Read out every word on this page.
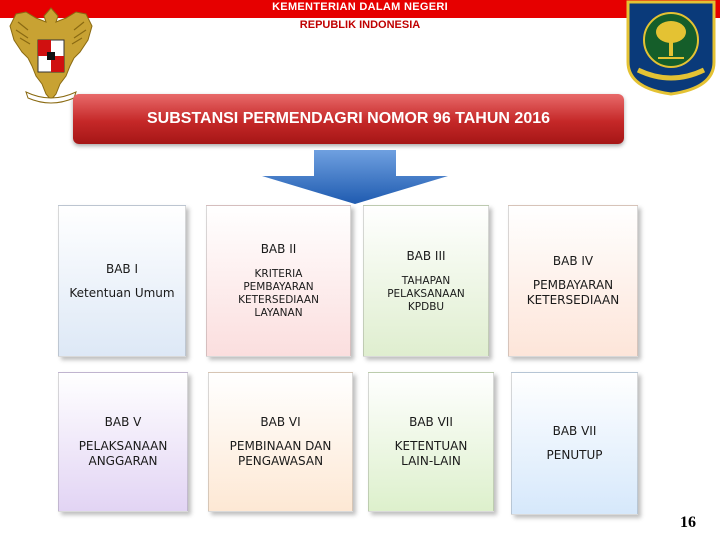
KEMENTERIAN DALAM NEGERI
REPUBLIK INDONESIA
SUBSTANSI PERMENDAGRI NOMOR 96 TAHUN 2016
BAB I
Ketentuan Umum
BAB II
KRITERIA PEMBAYARAN KETERSEDIAAN LAYANAN
BAB III
TAHAPAN PELAKSANAAN KPDBU
BAB IV
PEMBAYARAN KETERSEDIAAN
BAB V
PELAKSANAAN ANGGARAN
BAB VI
PEMBINAAN DAN PENGAWASAN
BAB VII
KETENTUAN LAIN-LAIN
BAB VII
PENUTUP
16
